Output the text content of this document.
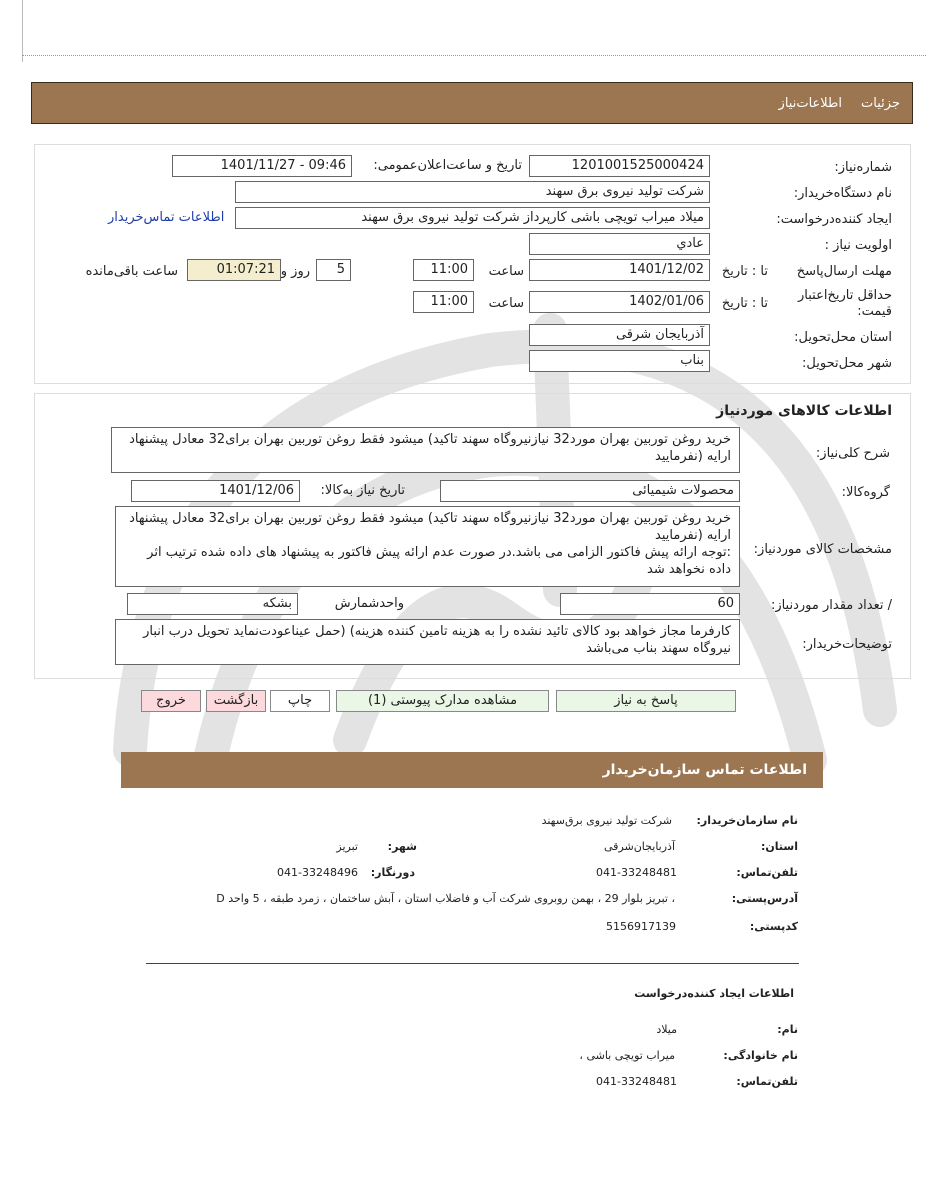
جزئیات
اطلاعات‌نیاز
شماره‌نیاز:
1201001525000424
تاریخ و ساعت‌اعلان‌عمومی:
1401/11/27 - 09:46
نام دستگاه‌خریدار:
شرکت تولید نیروی برق سهند
ایجاد کننده‌درخواست:
میلاد میراب تویچی باشی کارپرداز شرکت تولید نیروی برق سهند
اطلاعات تماس‌خریدار
اولویت نیاز :
عادي
مهلت ارسال‌پاسخ
تا : تاریخ
1401/12/02
ساعت
11:00
5
روز و
01:07:21
ساعت باقی‌مانده
حداقل تاریخ‌اعتبار قیمت:
تا : تاریخ
1402/01/06
ساعت
11:00
استان محل‌تحویل:
آذربایجان شرقی
شهر محل‌تحویل:
بناب
اطلاعات کالاهای موردنیاز
شرح کلی‌نیاز:
خرید روغن توربین بهران مورد32 نیازنیروگاه سهند تاکید) میشود فقط روغن توربین بهران برای32 معادل پیشنهاد ارایه (نفرمایید
گروه‌کالا:
محصولات شیمیائی
تاریخ نیاز به‌کالا:
1401/12/06
مشخصات کالای مورد‌نیاز:
خرید روغن توربین بهران مورد32 نیازنیروگاه سهند تاکید) میشود فقط روغن توربین بهران برای32 معادل پیشنهاد ارایه (نفرمایید
:توجه ارائه پیش فاکتور الزامی می باشد.در صورت عدم ارائه پیش فاکتور به پیشنهاد های داده شده ترتیب اثر داده نخواهد شد
/ تعداد مقدار مورد‌نیاز:
60
واحد‌شمارش
بشکه
توضیحات‌خریدار:
کارفرما مجاز خواهد بود کالای تائید نشده را به هزینه تامین کننده هزینه) (حمل عیناعودت‌نماید تحویل درب انبار نیروگاه سهند بناب می‌باشد
پاسخ به نیاز
مشاهده مدارک پیوستی (1)
چاپ
بازگشت
خروج
اطلاعات تماس سازمان‌خریدار
نام سازمان‌خریدار:
شرکت تولید نیروی برق‌سهند
استان:
آذربایجان‌شرقی
شهر:
تبریز
تلفن‌تماس:
041-33248481
دورنگار:
041-33248496
آدرس‌پستی:
، تبریز بلوار 29 ، بهمن روبروی شرکت آب و فاضلاب استان ، آبش ساختمان ، زمرد طبقه ، 5 واحد D
کد‌پستی:
5156917139
اطلاعات ایجاد کننده‌درخواست
نام:
میلاد
نام خانوادگی:
میراب تویچی باشی ،
تلفن‌تماس:
041-33248481
